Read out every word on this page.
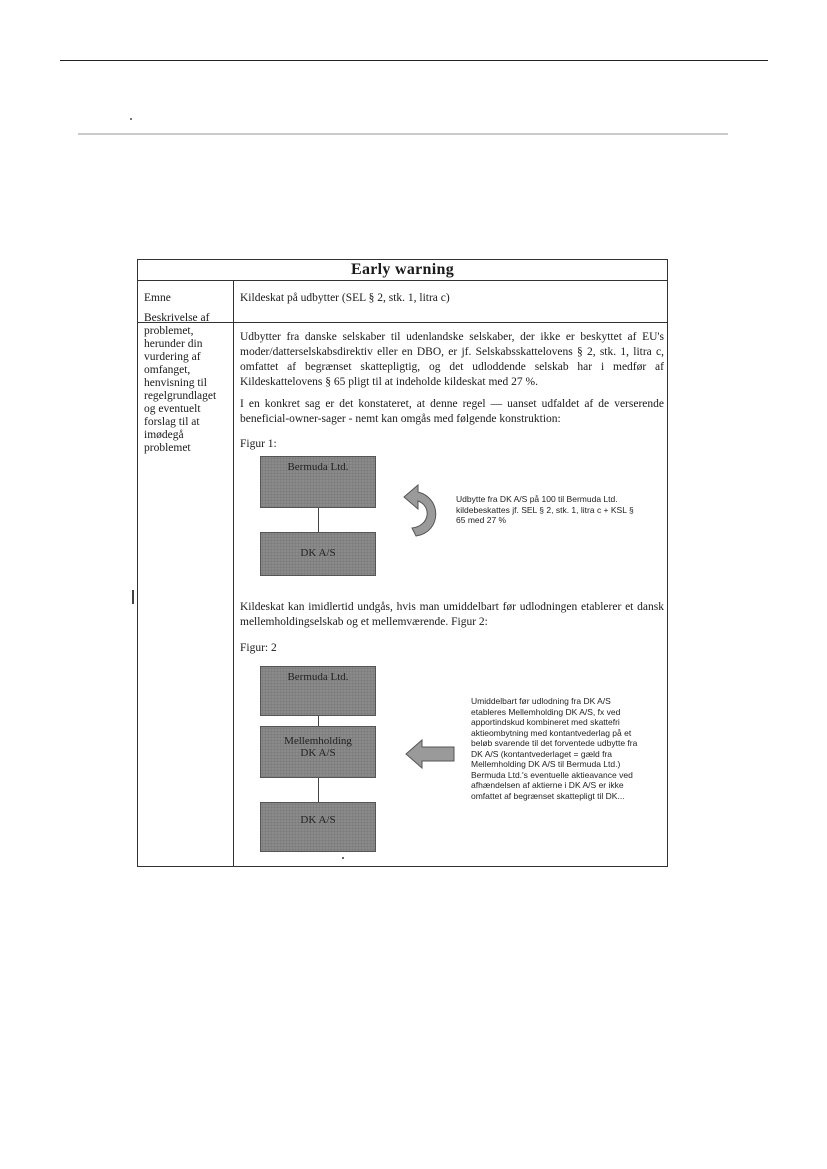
Early warning
Emne	Kildeskat på udbytter (SEL § 2, stk. 1, litra c)
Beskrivelse af
problemet,
herunder din
vurdering af
omfanget,
henvisning til
regelgrundlaget
og eventuelt
forslag til at
imødegå
problemet
Udbytter fra danske selskaber til udenlandske selskaber, der ikke er beskyttet af EU's moder/datterselskabsdirektiv eller en DBO, er jf. Selskabsskattelovens § 2, stk. 1, litra c, omfattet af begrænset skattepligtig, og det udloddende selskab har i medfør af Kildeskattelovens § 65 pligt til at indeholde kildeskat med 27 %.
I en konkret sag er det konstateret, at denne regel — uanset udfaldet af de verserende beneficial-owner-sager - nemt kan omgås med følgende konstruktion:
Figur 1:
Bermuda Ltd.
DK A/S
Udbytte fra DK A/S på 100 til Bermuda Ltd. kildebeskattes jf. SEL § 2, stk. 1, litra c + KSL § 65 med 27 %
Kildeskat kan imidlertid undgås, hvis man umiddelbart før udlodningen etablerer et dansk mellemholdingselskab og et mellemværende. Figur 2:
Figur: 2
Bermuda Ltd.
Mellemholding
DK A/S
DK A/S
Umiddelbart før udlodning fra DK A/S etableres Mellemholding DK A/S, fx ved apportindskud kombineret med skattefri aktieombytning med kontantvederlag på et beløb svarende til det forventede udbytte fra DK A/S (kontantvederlaget = gæld fra Mellemholding DK A/S til Bermuda Ltd.) Bermuda Ltd.'s eventuelle aktieavance ved afhændelsen af aktierne i DK A/S er ikke omfattet af begrænset skattepligt til DK...
